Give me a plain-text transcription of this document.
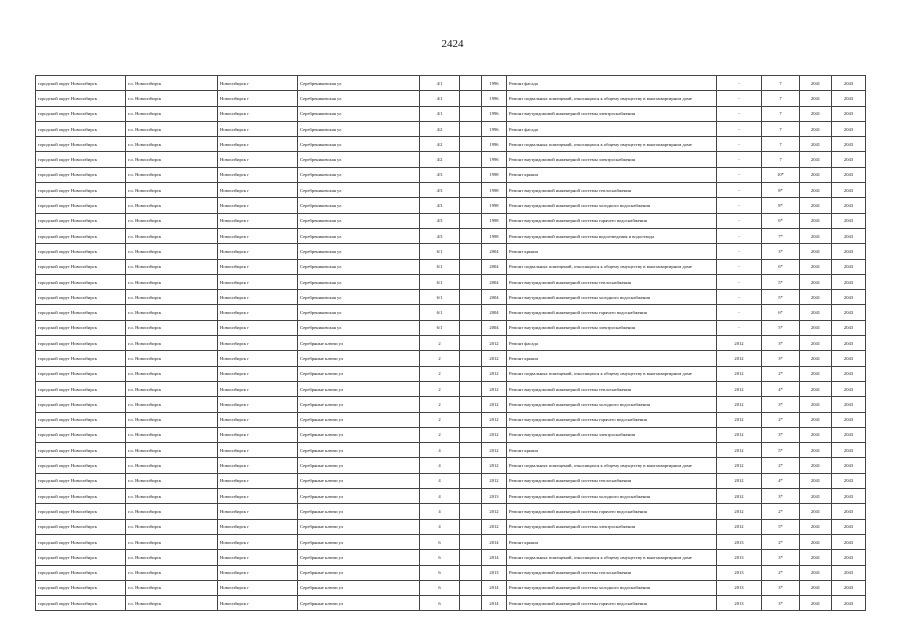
2424
городской округ Новосибирск	г.о. Новосибирск	Новосибирск г	Серебрениковская ул	4/1		1996	Ремонт фасада	-	7	2041	2043
городской округ Новосибирск	г.о. Новосибирск	Новосибирск г	Серебрениковская ул	4/1		1996	Ремонт подвальных помещений, относящихся к общему имуществу в многоквартирном доме	-	7	2041	2043
городской округ Новосибирск	г.о. Новосибирск	Новосибирск г	Серебрениковская ул	4/1		1996	Ремонт внутридомовой инженерной системы электроснабжения	-	7	2041	2043
городской округ Новосибирск	г.о. Новосибирск	Новосибирск г	Серебрениковская ул	4/2		1996	Ремонт фасада	-	7	2041	2043
городской округ Новосибирск	г.о. Новосибирск	Новосибирск г	Серебрениковская ул	4/2		1996	Ремонт подвальных помещений, относящихся к общему имуществу в многоквартирном доме	-	7	2041	2043
городской округ Новосибирск	г.о. Новосибирск	Новосибирск г	Серебрениковская ул	4/2		1996	Ремонт внутридомовой инженерной системы электроснабжения	-	7	2041	2043
городской округ Новосибирск	г.о. Новосибирск	Новосибирск г	Серебрениковская ул	4/3		1998	Ремонт крыши	-	10*	2041	2043
городской округ Новосибирск	г.о. Новосибирск	Новосибирск г	Серебрениковская ул	4/3		1998	Ремонт внутридомовой инженерной системы теплоснабжения	-	8*	2041	2043
городской округ Новосибирск	г.о. Новосибирск	Новосибирск г	Серебрениковская ул	4/3		1998	Ремонт внутридомовой инженерной системы холодного водоснабжения	-	8*	2041	2043
городской округ Новосибирск	г.о. Новосибирск	Новосибирск г	Серебрениковская ул	4/3		1998	Ремонт внутридомовой инженерной системы горячего водоснабжения	-	6*	2041	2043
городской округ Новосибирск	г.о. Новосибирск	Новосибирск г	Серебрениковская ул	4/3		1998	Ремонт внутридомовой инженерной системы водоотведения и водоотвода	-	7*	2041	2043
городской округ Новосибирск	г.о. Новосибирск	Новосибирск г	Серебрениковская ул	6/1		2004	Ремонт крыши	-	3*	2041	2043
городской округ Новосибирск	г.о. Новосибирск	Новосибирск г	Серебрениковская ул	6/1		2004	Ремонт подвальных помещений, относящихся к общему имуществу в многоквартирном доме	-	6*	2041	2043
городской округ Новосибирск	г.о. Новосибирск	Новосибирск г	Серебрениковская ул	6/1		2004	Ремонт внутридомовой инженерной системы теплоснабжения	-	5*	2041	2043
городской округ Новосибирск	г.о. Новосибирск	Новосибирск г	Серебрениковская ул	6/1		2004	Ремонт внутридомовой инженерной системы холодного водоснабжения	-	5*	2041	2043
городской округ Новосибирск	г.о. Новосибирск	Новосибирск г	Серебрениковская ул	6/1		2004	Ремонт внутридомовой инженерной системы горячего водоснабжения	-	6*	2041	2043
городской округ Новосибирск	г.о. Новосибирск	Новосибирск г	Серебрениковская ул	6/1		2004	Ремонт внутридомовой инженерной системы электроснабжения	-	5*	2041	2043
городской округ Новосибирск	г.о. Новосибирск	Новосибирск г	Серебряные ключи ул	2		2012	Ремонт фасада	2012	3*	2041	2043
городской округ Новосибирск	г.о. Новосибирск	Новосибирск г	Серебряные ключи ул	2		2012	Ремонт крыши	2012	3*	2041	2043
городской округ Новосибирск	г.о. Новосибирск	Новосибирск г	Серебряные ключи ул	2		2012	Ремонт подвальных помещений, относящихся к общему имуществу в многоквартирном доме	2012	2*	2041	2043
городской округ Новосибирск	г.о. Новосибирск	Новосибирск г	Серебряные ключи ул	2		2012	Ремонт внутридомовой инженерной системы теплоснабжения	2012	4*	2041	2043
городской округ Новосибирск	г.о. Новосибирск	Новосибирск г	Серебряные ключи ул	2		2012	Ремонт внутридомовой инженерной системы холодного водоснабжения	2012	3*	2041	2043
городской округ Новосибирск	г.о. Новосибирск	Новосибирск г	Серебряные ключи ул	2		2012	Ремонт внутридомовой инженерной системы горячего водоснабжения	2012	2*	2041	2043
городской округ Новосибирск	г.о. Новосибирск	Новосибирск г	Серебряные ключи ул	2		2012	Ремонт внутридомовой инженерной системы электроснабжения	2012	3*	2041	2043
городской округ Новосибирск	г.о. Новосибирск	Новосибирск г	Серебряные ключи ул	4		2012	Ремонт крыши	2012	5*	2041	2043
городской округ Новосибирск	г.о. Новосибирск	Новосибирск г	Серебряные ключи ул	4		2012	Ремонт подвальных помещений, относящихся к общему имуществу в многоквартирном доме	2012	2*	2041	2043
городской округ Новосибирск	г.о. Новосибирск	Новосибирск г	Серебряные ключи ул	4		2012	Ремонт внутридомовой инженерной системы теплоснабжения	2012	4*	2041	2043
городской округ Новосибирск	г.о. Новосибирск	Новосибирск г	Серебряные ключи ул	4		2013	Ремонт внутридомовой инженерной системы холодного водоснабжения	2012	3*	2041	2043
городской округ Новосибирск	г.о. Новосибирск	Новосибирск г	Серебряные ключи ул	4		2012	Ремонт внутридомовой инженерной системы горячего водоснабжения	2012	2*	2041	2043
городской округ Новосибирск	г.о. Новосибирск	Новосибирск г	Серебряные ключи ул	4		2012	Ремонт внутридомовой инженерной системы электроснабжения	2012	5*	2041	2043
городской округ Новосибирск	г.о. Новосибирск	Новосибирск г	Серебряные ключи ул	6		2014	Ремонт крыши	2013	2*	2041	2043
городской округ Новосибирск	г.о. Новосибирск	Новосибирск г	Серебряные ключи ул	6		2014	Ремонт подвальных помещений, относящихся к общему имуществу в многоквартирном доме	2013	3*	2041	2043
городской округ Новосибирск	г.о. Новосибирск	Новосибирск г	Серебряные ключи ул	6		2013	Ремонт внутридомовой инженерной системы теплоснабжения	2013	2*	2041	2043
городской округ Новосибирск	г.о. Новосибирск	Новосибирск г	Серебряные ключи ул	6		2014	Ремонт внутридомовой инженерной системы холодного водоснабжения	2013	3*	2041	2043
городской округ Новосибирск	г.о. Новосибирск	Новосибирск г	Серебряные ключи ул	6		2014	Ремонт внутридомовой инженерной системы горячего водоснабжения	2013	3*	2041	2043
